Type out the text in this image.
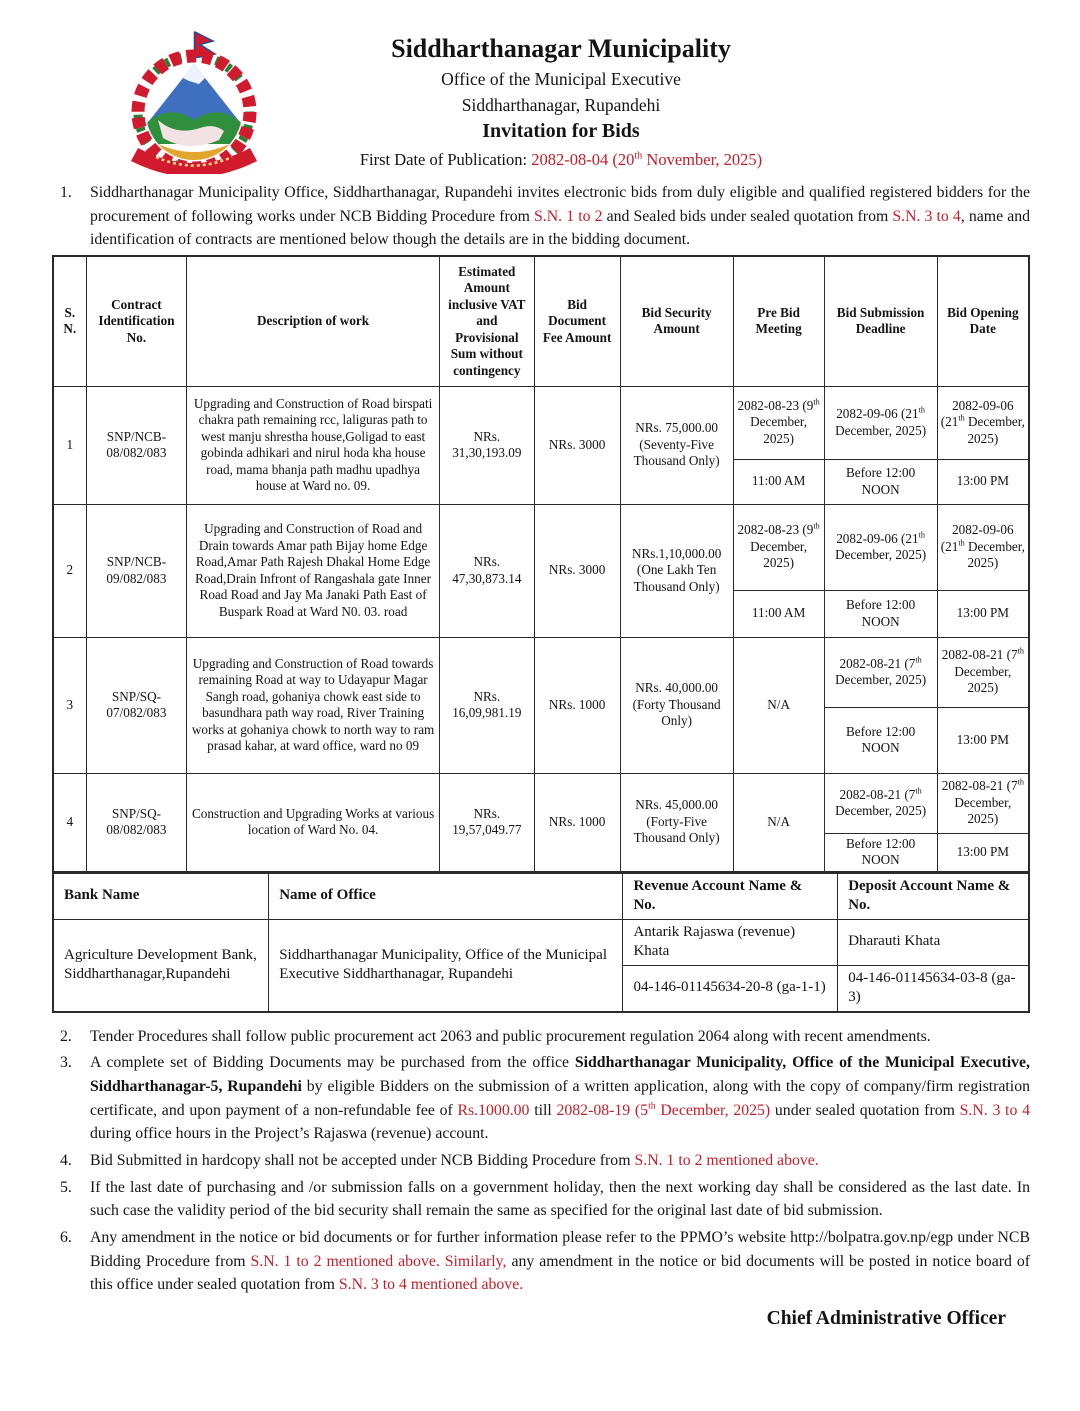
Siddharthanagar Municipality
Office of the Municipal Executive
Siddharthanagar, Rupandehi
Invitation for Bids
First Date of Publication: 2082-08-04 (20th November, 2025)
1.	Siddharthanagar Municipality Office, Siddharthanagar, Rupandehi invites electronic bids from duly eligible and qualified registered bidders for the procurement of following works under NCB Bidding Procedure from S.N. 1 to 2 and Sealed bids under sealed quotation from S.N. 3 to 4, name and identification of contracts are mentioned below though the details are in the bidding document.
S. N.	Contract Identification No.	Description of work	Estimated Amount inclusive VAT and Provisional Sum without contingency	Bid Document Fee Amount	Bid Security Amount	Pre Bid Meeting	Bid Submission Deadline	Bid Opening Date
1	SNP/NCB-08/082/083	Upgrading and Construction of Road birspati chakra path remaining rcc, laliguras path to west manju shrestha house,Goligad to east gobinda adhikari and nirul hoda kha house road, mama bhanja path madhu upadhya house at Ward no. 09.	NRs. 31,30,193.09	NRs. 3000	NRs. 75,000.00 (Seventy-Five Thousand Only)	2082-08-23 (9th December, 2025)	2082-09-06 (21th December, 2025)	2082-09-06 (21th December, 2025)
						11:00 AM	Before 12:00 NOON	13:00 PM
2	SNP/NCB-09/082/083	Upgrading and Construction of Road and Drain towards Amar path Bijay home Edge Road,Amar Path Rajesh Dhakal Home Edge Road,Drain Infront of Rangashala gate Inner Road Road and Jay Ma Janaki Path East of Buspark Road at Ward N0. 03. road	NRs. 47,30,873.14	NRs. 3000	NRs.1,10,000.00 (One Lakh Ten Thousand Only)	2082-08-23 (9th December, 2025)	2082-09-06 (21th December, 2025)	2082-09-06 (21th December, 2025)
						11:00 AM	Before 12:00 NOON	13:00 PM
3	SNP/SQ-07/082/083	Upgrading and Construction of Road towards remaining Road at way to Udayapur Magar Sangh road, gohaniya chowk east side to basundhara path way road, River Training works at gohaniya chowk to north way to ram prasad kahar, at ward office, ward no 09	NRs. 16,09,981.19	NRs. 1000	NRs. 40,000.00 (Forty Thousand Only)	N/A	2082-08-21 (7th December, 2025)	2082-08-21 (7th December, 2025)
							Before 12:00 NOON	13:00 PM
4	SNP/SQ-08/082/083	Construction and Upgrading Works at various location of Ward No. 04.	NRs. 19,57,049.77	NRs. 1000	NRs. 45,000.00 (Forty-Five Thousand Only)	N/A	2082-08-21 (7th December, 2025)	2082-08-21 (7th December, 2025)
							Before 12:00 NOON	13:00 PM
Bank Name	Name of Office	Revenue Account Name & No.	Deposit Account Name & No.
Agriculture Development Bank, Siddharthanagar,Rupandehi	Siddharthanagar Municipality, Office of the Municipal Executive Siddharthanagar, Rupandehi	Antarik Rajaswa (revenue) Khata	Dharauti Khata
		04-146-01145634-20-8 (ga-1-1)	04-146-01145634-03-8 (ga-3)
2.	Tender Procedures shall follow public procurement act 2063 and public procurement regulation 2064 along with recent amendments.
3.	A complete set of Bidding Documents may be purchased from the office Siddharthanagar Municipality, Office of the Municipal Executive, Siddharthanagar-5, Rupandehi by eligible Bidders on the submission of a written application, along with the copy of company/firm registration certificate, and upon payment of a non-refundable fee of Rs.1000.00 till 2082-08-19 (5th December, 2025) under sealed quotation from S.N. 3 to 4 during office hours in the Project’s Rajaswa (revenue) account.
4.	Bid Submitted in hardcopy shall not be accepted under NCB Bidding Procedure from S.N. 1 to 2 mentioned above.
5.	If the last date of purchasing and /or submission falls on a government holiday, then the next working day shall be considered as the last date. In such case the validity period of the bid security shall remain the same as specified for the original last date of bid submission.
6.	Any amendment in the notice or bid documents or for further information please refer to the PPMO’s website http://bolpatra.gov.np/egp under NCB Bidding Procedure from S.N. 1 to 2 mentioned above. Similarly, any amendment in the notice or bid documents will be posted in notice board of this office under sealed quotation from S.N. 3 to 4 mentioned above.
Chief Administrative Officer
